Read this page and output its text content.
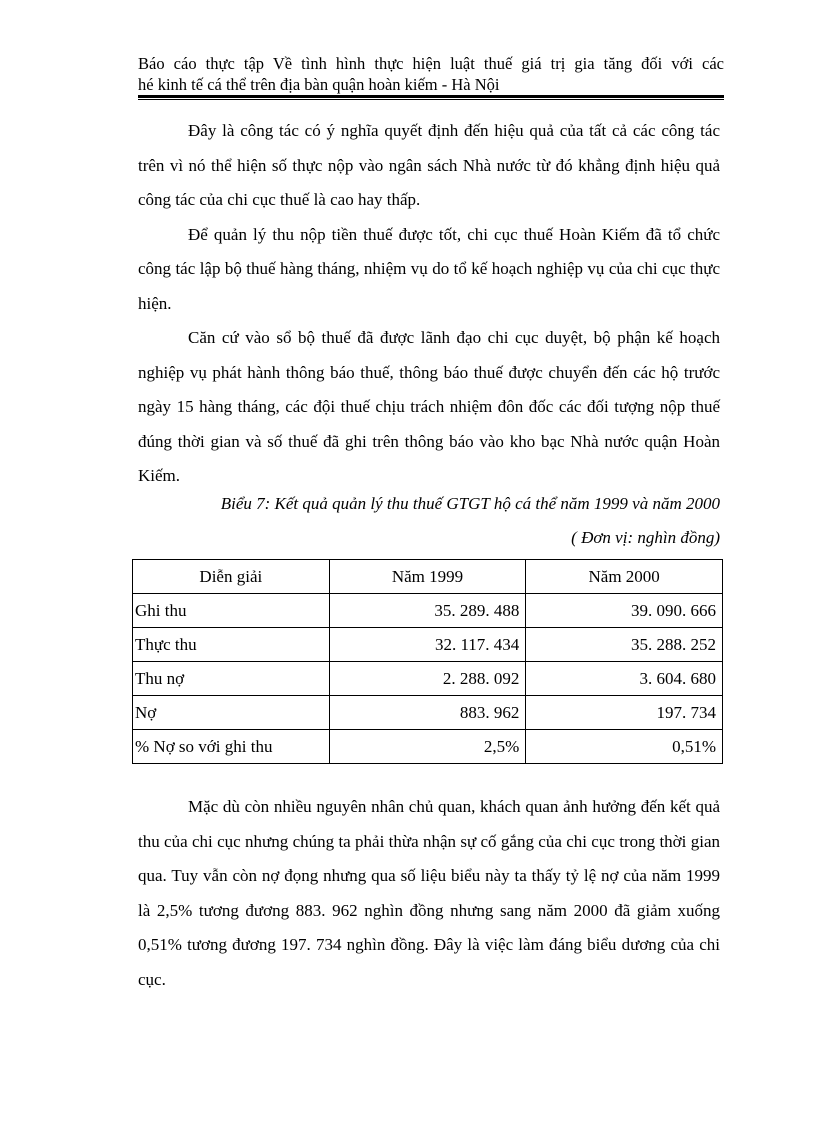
Báo cáo thực tập Về tình hình thực hiện luật thuế giá trị gia tăng đối với các
hé kinh tế cá thể trên địa bàn quận hoàn kiếm - Hà Nội

Đây là công tác có ý nghĩa quyết định đến hiệu quả của tất cả các công tác trên vì nó thể hiện số thực nộp vào ngân sách Nhà nước từ đó khẳng định hiệu quả công tác của chi cục thuế là cao hay thấp.

Để quản lý thu nộp tiền thuế được tốt, chi cục thuế Hoàn Kiếm đã tổ chức công tác lập bộ thuế hàng tháng, nhiệm vụ do tổ kế hoạch nghiệp vụ của chi cục thực hiện.

Căn cứ vào sổ bộ thuế đã được lãnh đạo chi cục duyệt, bộ phận kế hoạch nghiệp vụ phát hành thông báo thuế, thông báo thuế được chuyển đến các hộ trước ngày 15 hàng tháng, các đội thuế chịu trách nhiệm đôn đốc các đối tượng nộp thuế đúng thời gian và số thuế đã ghi trên thông báo vào kho bạc Nhà nước quận Hoàn Kiếm.

Biểu 7: Kết quả quản lý thu thuế GTGT hộ cá thể năm 1999 và năm 2000
( Đơn vị: nghìn đồng)
Diễn giải	Năm 1999	Năm 2000
Ghi thu	35. 289. 488	39. 090. 666
Thực thu	32. 117. 434	35. 288. 252
Thu nợ	2. 288. 092	3. 604. 680
Nợ	883. 962	197. 734
% Nợ so với ghi thu	2,5%	0,51%

Mặc dù còn nhiều nguyên nhân chủ quan, khách quan ảnh hưởng đến kết quả thu của chi cục nhưng chúng ta phải thừa nhận sự cố gắng của chi cục trong thời gian qua. Tuy vẫn còn nợ đọng nhưng qua số liệu biểu này ta thấy tỷ lệ nợ của năm 1999 là 2,5% tương đương 883. 962 nghìn đồng nhưng sang năm 2000 đã giảm xuống 0,51% tương đương 197. 734 nghìn đồng. Đây là việc làm đáng biểu dương của chi cục.
